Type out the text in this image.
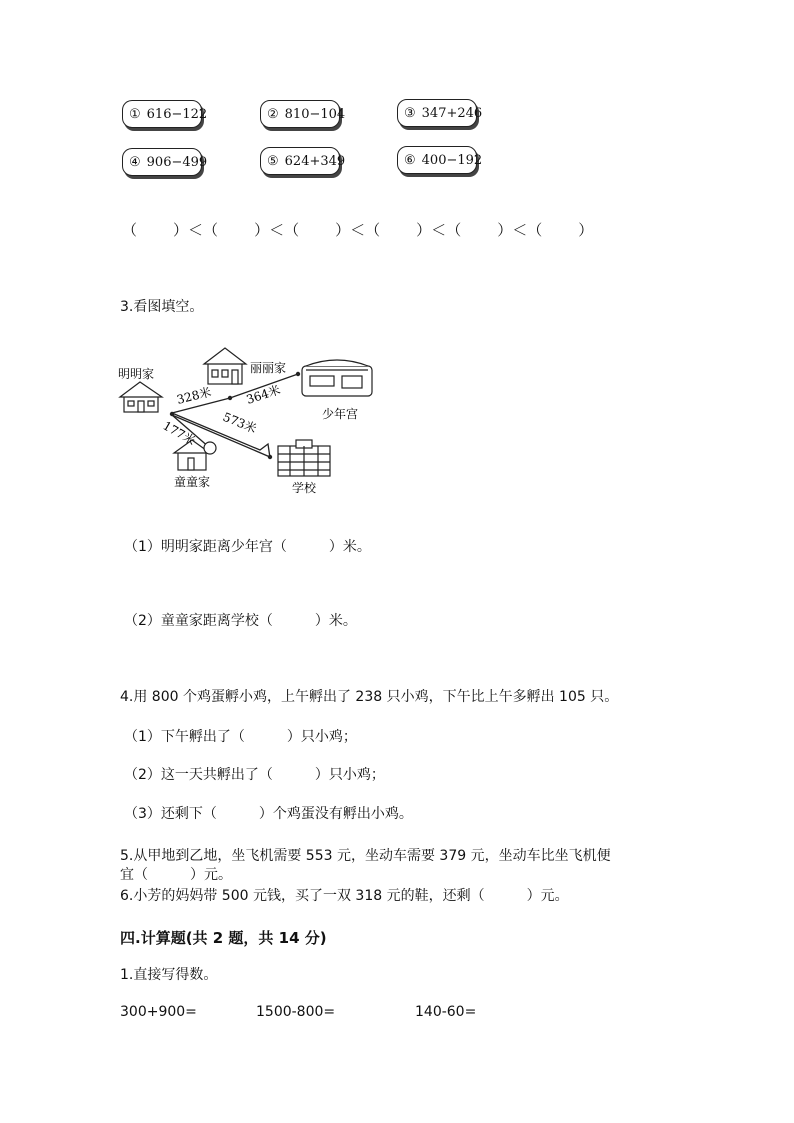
① 616−122	② 810−104	③ 347+246
④ 906−499	⑤ 624+349	⑥ 400−192
（ ）＜（ ）＜（ ）＜（ ）＜（ ）＜（ ）
3.看图填空。
明明家	丽丽家
少年宫
童童家	学校
328米	364米
573米
177米
（1）明明家距离少年宫（　　　）米。
（2）童童家距离学校（　　　）米。
4.用 800 个鸡蛋孵小鸡，上午孵出了 238 只小鸡，下午比上午多孵出 105 只。
（1）下午孵出了（　　　）只小鸡；
（2）这一天共孵出了（　　　）只小鸡；
（3）还剩下（　　　）个鸡蛋没有孵出小鸡。
5.从甲地到乙地，坐飞机需要 553 元，坐动车需要 379 元，坐动车比坐飞机便
宜（　　　）元。
6.小芳的妈妈带 500 元钱，买了一双 318 元的鞋，还剩（　　　）元。
四.计算题(共 2 题，共 14 分)
1.直接写得数。
300+900=	1500-800=	140-60=
